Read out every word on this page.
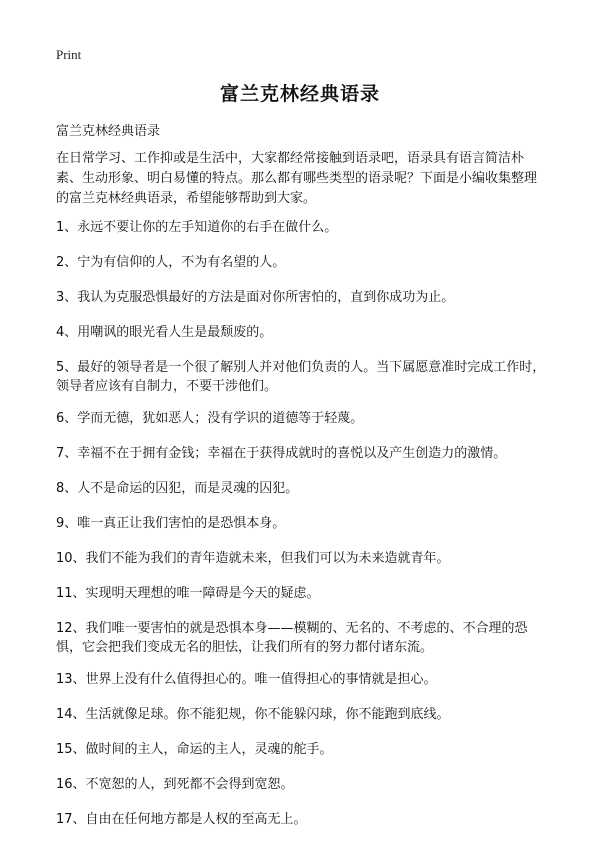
Print
富兰克林经典语录
富兰克林经典语录
在日常学习、工作抑或是生活中，大家都经常接触到语录吧，语录具有语言简洁朴素、生动形象、明白易懂的特点。那么都有哪些类型的语录呢？下面是小编收集整理的富兰克林经典语录，希望能够帮助到大家。
1、永远不要让你的左手知道你的右手在做什么。
2、宁为有信仰的人，不为有名望的人。
3、我认为克服恐惧最好的方法是面对你所害怕的，直到你成功为止。
4、用嘲讽的眼光看人生是最颓废的。
5、最好的领导者是一个很了解别人并对他们负责的人。当下属愿意准时完成工作时，领导者应该有自制力，不要干涉他们。
6、学而无德，犹如恶人；没有学识的道德等于轻蔑。
7、幸福不在于拥有金钱；幸福在于获得成就时的喜悦以及产生创造力的激情。
8、人不是命运的囚犯，而是灵魂的囚犯。
9、唯一真正让我们害怕的是恐惧本身。
10、我们不能为我们的青年造就未来，但我们可以为未来造就青年。
11、实现明天理想的唯一障碍是今天的疑虑。
12、我们唯一要害怕的就是恐惧本身——模糊的、无名的、不考虑的、不合理的恐惧，它会把我们变成无名的胆怯，让我们所有的努力都付诸东流。
13、世界上没有什么值得担心的。唯一值得担心的事情就是担心。
14、生活就像足球。你不能犯规，你不能躲闪球，你不能跑到底线。
15、做时间的主人，命运的主人，灵魂的舵手。
16、不宽恕的人，到死都不会得到宽恕。
17、自由在任何地方都是人权的至高无上。
